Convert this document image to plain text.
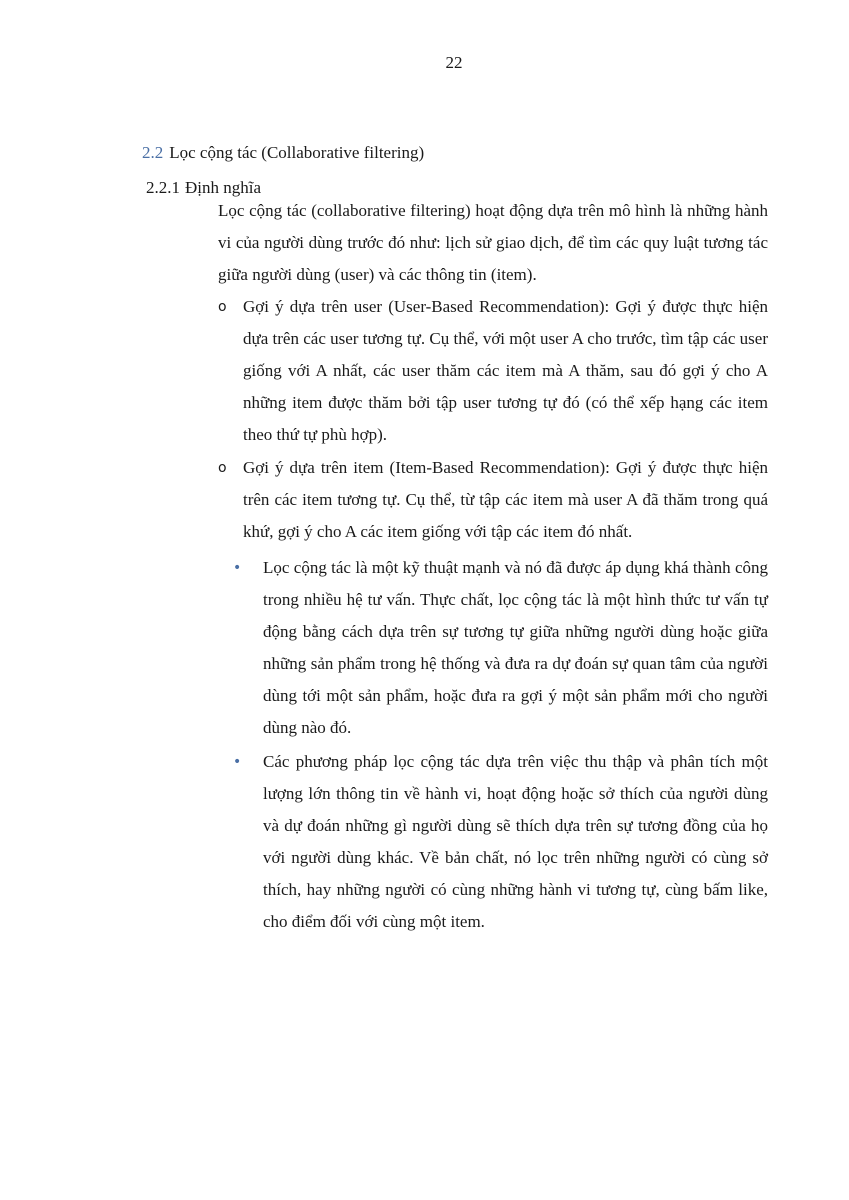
22
2.2 Lọc cộng tác (Collaborative filtering)
2.2.1 Định nghĩa
Lọc cộng tác (collaborative filtering) hoạt động dựa trên mô hình là những hành vi của người dùng trước đó như: lịch sử giao dịch, để tìm các quy luật tương tác giữa người dùng (user) và các thông tin (item).
o Gợi ý dựa trên user (User-Based Recommendation): Gợi ý được thực hiện dựa trên các user tương tự. Cụ thể, với một user A cho trước, tìm tập các user giống với A nhất, các user thăm các item mà A thăm, sau đó gợi ý cho A những item được thăm bởi tập user tương tự đó (có thể xếp hạng các item theo thứ tự phù hợp).
o Gợi ý dựa trên item (Item-Based Recommendation): Gợi ý được thực hiện trên các item tương tự. Cụ thể, từ tập các item mà user A đã thăm trong quá khứ, gợi ý cho A các item giống với tập các item đó nhất.
•	Lọc cộng tác là một kỹ thuật mạnh và nó đã được áp dụng khá thành công trong nhiều hệ tư vấn. Thực chất, lọc cộng tác là một hình thức tư vấn tự động bằng cách dựa trên sự tương tự giữa những người dùng hoặc giữa những sản phẩm trong hệ thống và đưa ra dự đoán sự quan tâm của người dùng tới một sản phẩm, hoặc đưa ra gợi ý một sản phẩm mới cho người dùng nào đó.
•	Các phương pháp lọc cộng tác dựa trên việc thu thập và phân tích một lượng lớn thông tin về hành vi, hoạt động hoặc sở thích của người dùng và dự đoán những gì người dùng sẽ thích dựa trên sự tương đồng của họ với người dùng khác. Về bản chất, nó lọc trên những người có cùng sở thích, hay những người có cùng những hành vi tương tự, cùng bấm like, cho điểm đối với cùng một item.
